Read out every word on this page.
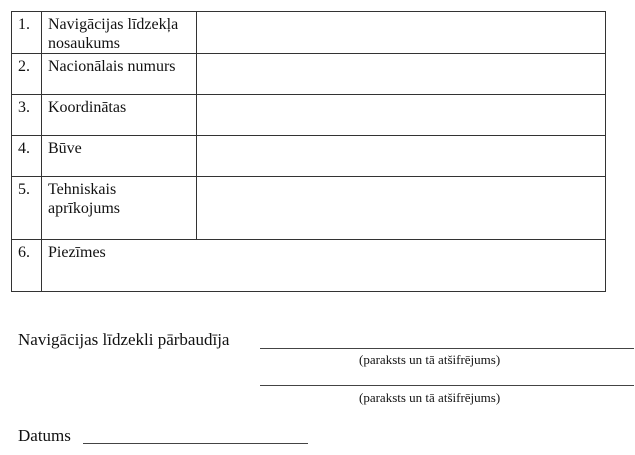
1.	Navigācijas līdzekļa
nosaukums	
2.	Nacionālais numurs	
3.	Koordinātas	
4.	Būve	
5.	Tehniskais
aprīkojums	
6.	Piezīmes	
Navigācijas līdzekli pārbaudīja
(paraksts un tā atšifrējums)
(paraksts un tā atšifrējums)
Datums
